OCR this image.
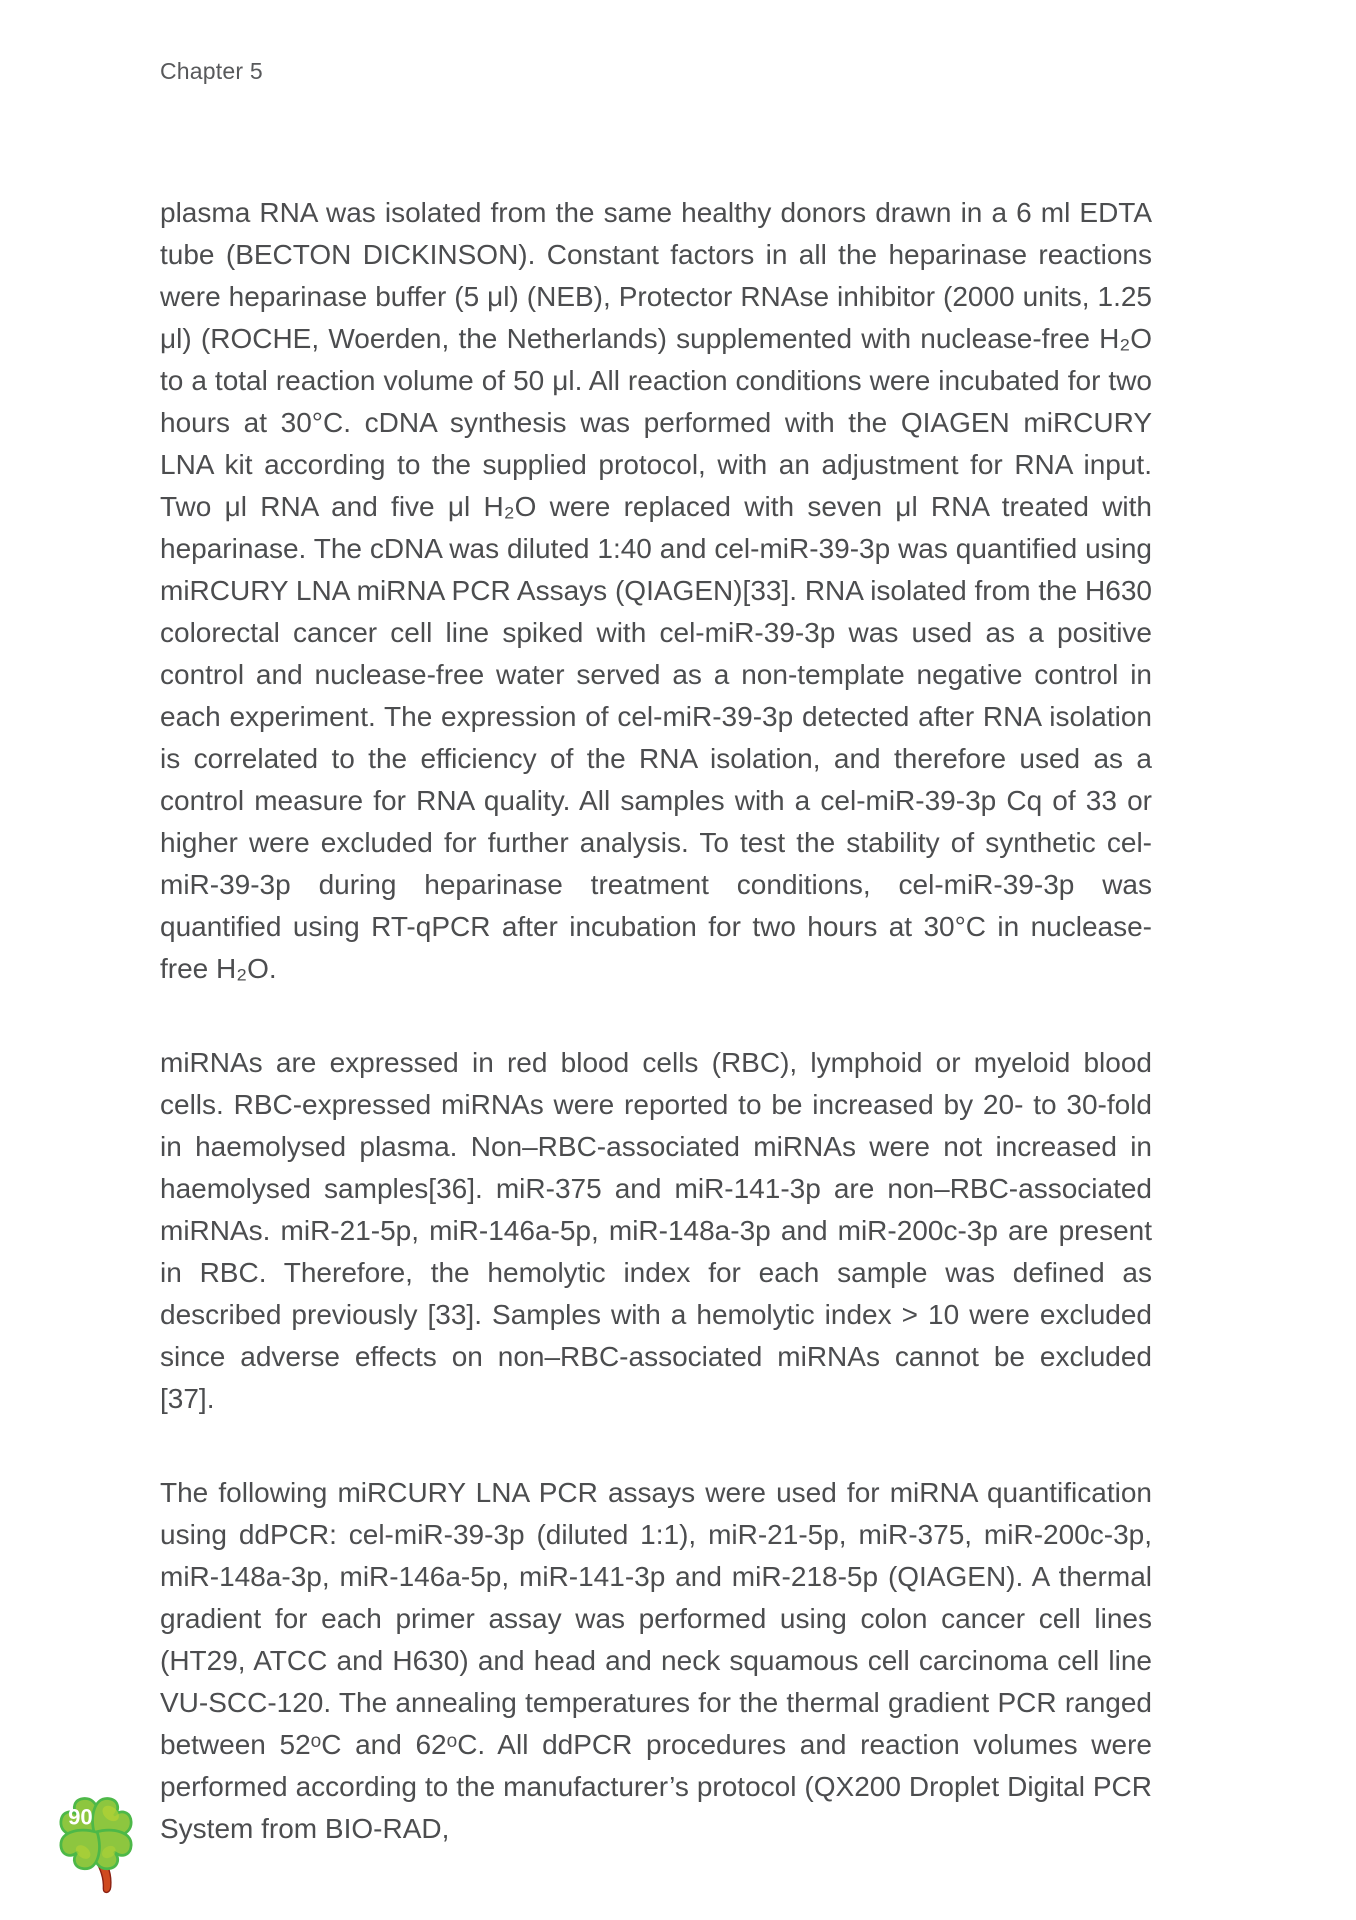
Chapter 5

plasma RNA was isolated from the same healthy donors drawn in a 6 ml EDTA tube (BECTON DICKINSON). Constant factors in all the heparinase reactions were heparinase buffer (5 μl) (NEB), Protector RNAse inhibitor (2000 units, 1.25 μl) (ROCHE, Woerden, the Netherlands) supplemented with nuclease-free H₂O to a total reaction volume of 50 μl. All reaction conditions were incubated for two hours at 30°C. cDNA synthesis was performed with the QIAGEN miRCURY LNA kit according to the supplied protocol, with an adjustment for RNA input. Two μl RNA and five μl H₂O were replaced with seven μl RNA treated with heparinase. The cDNA was diluted 1:40 and cel-miR-39-3p was quantified using miRCURY LNA miRNA PCR Assays (QIAGEN)[33]. RNA isolated from the H630 colorectal cancer cell line spiked with cel-miR-39-3p was used as a positive control and nuclease-free water served as a non-template negative control in each experiment. The expression of cel-miR-39-3p detected after RNA isolation is correlated to the efficiency of the RNA isolation, and therefore used as a control measure for RNA quality. All samples with a cel-miR-39-3p Cq of 33 or higher were excluded for further analysis. To test the stability of synthetic cel-miR-39-3p during heparinase treatment conditions, cel-miR-39-3p was quantified using RT-qPCR after incubation for two hours at 30°C in nuclease-free H₂O.

miRNAs are expressed in red blood cells (RBC), lymphoid or myeloid blood cells. RBC-expressed miRNAs were reported to be increased by 20- to 30-fold in haemolysed plasma. Non–RBC-associated miRNAs were not increased in haemolysed samples[36]. miR-375 and miR-141-3p are non–RBC-associated miRNAs. miR-21-5p, miR-146a-5p, miR-148a-3p and miR-200c-3p are present in RBC. Therefore, the hemolytic index for each sample was defined as described previously [33]. Samples with a hemolytic index > 10 were excluded since adverse effects on non–RBC-associated miRNAs cannot be excluded [37].

The following miRCURY LNA PCR assays were used for miRNA quantification using ddPCR: cel-miR-39-3p (diluted 1:1), miR-21-5p, miR-375, miR-200c-3p, miR-148a-3p, miR-146a-5p, miR-141-3p and miR-218-5p (QIAGEN). A thermal gradient for each primer assay was performed using colon cancer cell lines (HT29, ATCC and H630) and head and neck squamous cell carcinoma cell line VU-SCC-120. The annealing temperatures for the thermal gradient PCR ranged between 52ᵒC and 62ᵒC. All ddPCR procedures and reaction volumes were performed according to the manufacturer’s protocol (QX200 Droplet Digital PCR System from BIO-RAD,

90
